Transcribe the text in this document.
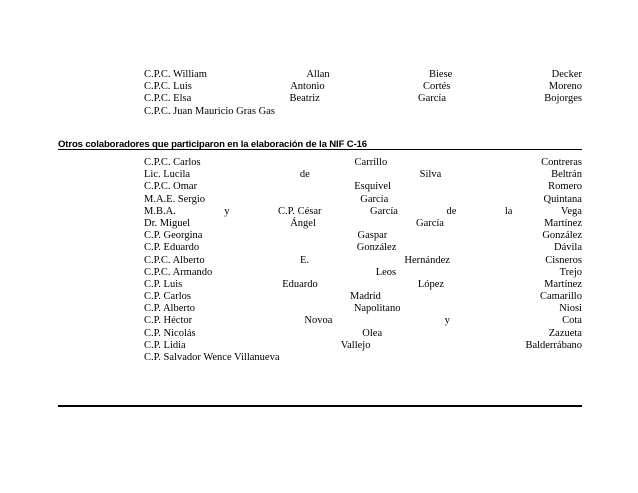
C.P.C. William	Allan	Biese	Decker
C.P.C. Luis	Antonio	Cortés	Moreno
C.P.C. Elsa	Beatriz	García	Bojorges
C.P.C. Juan Mauricio Gras Gas
Otros colaboradores que participaron en la elaboración de la NIF C-16
C.P.C. Carlos	Carrillo	Contreras
Lic. Lucila	de	Silva	Beltrán
C.P.C. Omar	Esquivel	Romero
M.A.E. Sergio	García	Quintana
M.B.A.	y	C.P. César	García	de	la	Vega
Dr. Miguel	Ángel	García	Martínez
C.P. Georgina	Gaspar	González
C.P. Eduardo	González	Dávila
C.P.C. Alberto	E.	Hernández	Cisneros
C.P.C. Armando	Leos	Trejo
C.P. Luis	Eduardo	López	Martínez
C.P. Carlos	Madrid	Camarillo
C.P. Alberto	Napolitano	Niosi
C.P. Héctor	Novoa	y	Cota
C.P. Nicolás	Olea	Zazueta
C.P. Lidia	Vallejo	Balderrábano
C.P. Salvador Wence Villanueva
